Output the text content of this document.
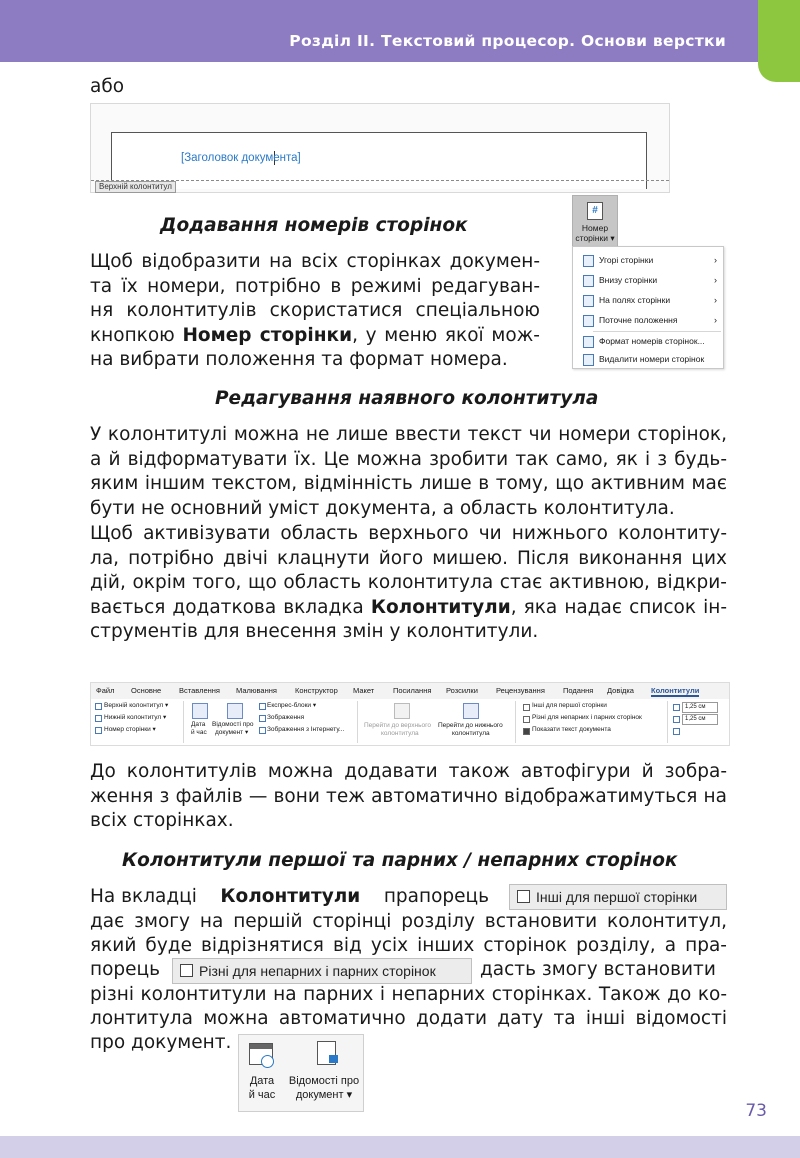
Розділ II. Текстовий процесор. Основи верстки
73

або

[Заголовок документа]
Верхній колонтитул

Додавання номерів сторінок

Щоб відобразити на всіх сторінках докумен-та їх номери, потрібно в режимі редагуван-ня колонтитулів скористатися спеціальною кнопкою Номер сторінки, у меню якої мож-на вибрати положення та формат номера.

#
Номер
сторінки ▾
Угорі сторінки	›
Внизу сторінки	›
На полях сторінки	›
Поточне положення	›
Формат номерів сторінок...
Видалити номери сторінок

Редагування наявного колонтитула

У колонтитулі можна не лише ввести текст чи номери сторінок, а й відформатувати їх. Це можна зробити так само, як і з будь-яким іншим текстом, відмінність лише в тому, що активним має бути не основний уміст документа, а область колонтитула.

Щоб активізувати область верхнього чи нижнього колонтиту-ла, потрібно двічі клацнути його мишею. Після виконання цих дій, окрім того, що область колонтитула стає активною, відкри-вається додаткова вкладка Колонтитули, яка надає список ін-струментів для внесення змін у колонтитули.

Файл Основне Вставлення Малювання Конструктор Макет	Посилання Розсилки Рецензування Подання Довідка Колонтитули
Верхній колонтитул ▾
Нижній колонтитул ▾
Номер сторінки ▾
Дата
й час
Відомості про
документ ▾
Експрес-блоки ▾
Зображення
Зображення з Інтернету...
Перейти до верхнього
колонтитула
Перейти до нижнього
колонтитула
Інші для першої сторінки
Різні для непарних і парних сторінок
Показати текст документа
1,25 см
1,25 см

До колонтитулів можна додавати також автофігури й зобра-ження з файлів — вони теж автоматично відображатимуться на всіх сторінках.

Колонтитули першої та парних / непарних сторінок

На вкладці Колонтитули прапорець	Інші для першої сторінки

дає змогу на першій сторінці розділу встановити колонтитул,

який буде відрізнятися від усіх інших сторінок розділу, а пра-

порець	Різні для непарних і парних сторінок дасть змогу встановити

різні колонтитули на парних і непарних сторінках. Також до ко-

лонтитула можна автоматично додати дату та інші відомості

про документ.

Дата
й час
Відомості про
документ ▾
